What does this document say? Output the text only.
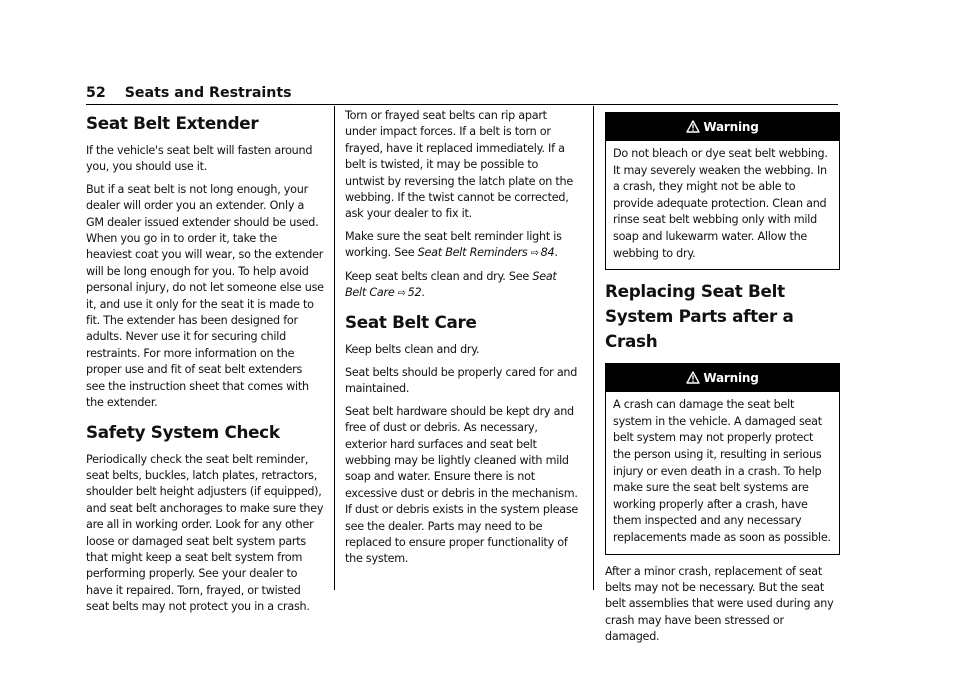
52 Seats and Restraints
Seat Belt Extender

If the vehicle's seat belt will fasten around you, you should use it.

But if a seat belt is not long enough, your dealer will order you an extender. Only a GM dealer issued extender should be used. When you go in to order it, take the heaviest coat you will wear, so the extender will be long enough for you. To help avoid personal injury, do not let someone else use it, and use it only for the seat it is made to fit. The extender has been designed for adults. Never use it for securing child restraints. For more information on the proper use and fit of seat belt extenders see the instruction sheet that comes with the extender.

Safety System Check

Periodically check the seat belt reminder, seat belts, buckles, latch plates, retractors, shoulder belt height adjusters (if equipped), and seat belt anchorages to make sure they are all in working order. Look for any other loose or damaged seat belt system parts that might keep a seat belt system from performing properly. See your dealer to have it repaired. Torn, frayed, or twisted seat belts may not protect you in a crash.

Torn or frayed seat belts can rip apart under impact forces. If a belt is torn or frayed, have it replaced immediately. If a belt is twisted, it may be possible to untwist by reversing the latch plate on the webbing. If the twist cannot be corrected, ask your dealer to fix it.

Make sure the seat belt reminder light is working. See Seat Belt Reminders ⇨ 84.

Keep seat belts clean and dry. See Seat Belt Care ⇨ 52.

Seat Belt Care

Keep belts clean and dry.

Seat belts should be properly cared for and maintained.

Seat belt hardware should be kept dry and free of dust or debris. As necessary, exterior hard surfaces and seat belt webbing may be lightly cleaned with mild soap and water. Ensure there is not excessive dust or debris in the mechanism. If dust or debris exists in the system please see the dealer. Parts may need to be replaced to ensure proper functionality of the system.

Warning

Do not bleach or dye seat belt webbing. It may severely weaken the webbing. In a crash, they might not be able to provide adequate protection. Clean and rinse seat belt webbing only with mild soap and lukewarm water. Allow the webbing to dry.

Replacing Seat Belt System Parts after a Crash
Warning

A crash can damage the seat belt system in the vehicle. A damaged seat belt system may not properly protect the person using it, resulting in serious injury or even death in a crash. To help make sure the seat belt systems are working properly after a crash, have them inspected and any necessary replacements made as soon as possible.

After a minor crash, replacement of seat belts may not be necessary. But the seat belt assemblies that were used during any crash may have been stressed or damaged.
